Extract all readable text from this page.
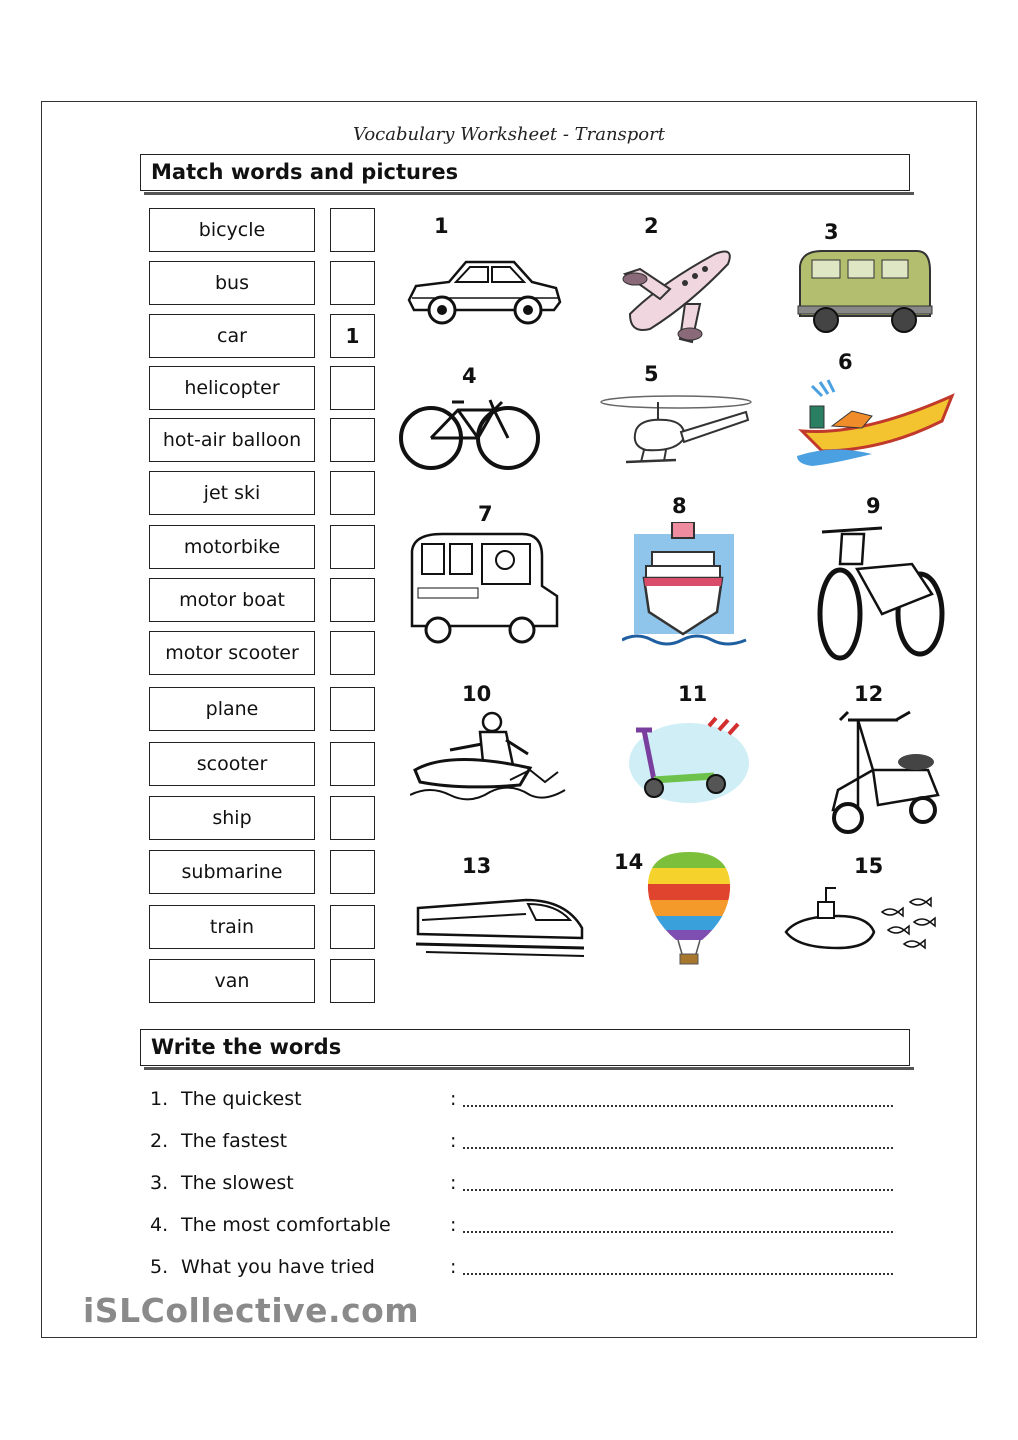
Vocabulary Worksheet - Transport
Match words and pictures
bicycle
bus
car	1
helicopter
hot-air balloon
jet ski
motorbike
motor boat
motor scooter
plane
scooter
ship
submarine
train
van
1	2	3
4	5	6
7	8	9
10	11	12
13	14	15
Write the words
1. The quickest	:
2. The fastest	:
3. The slowest	:
4. The most comfortable	:
5. What you have tried	:
iSLCollective.com
